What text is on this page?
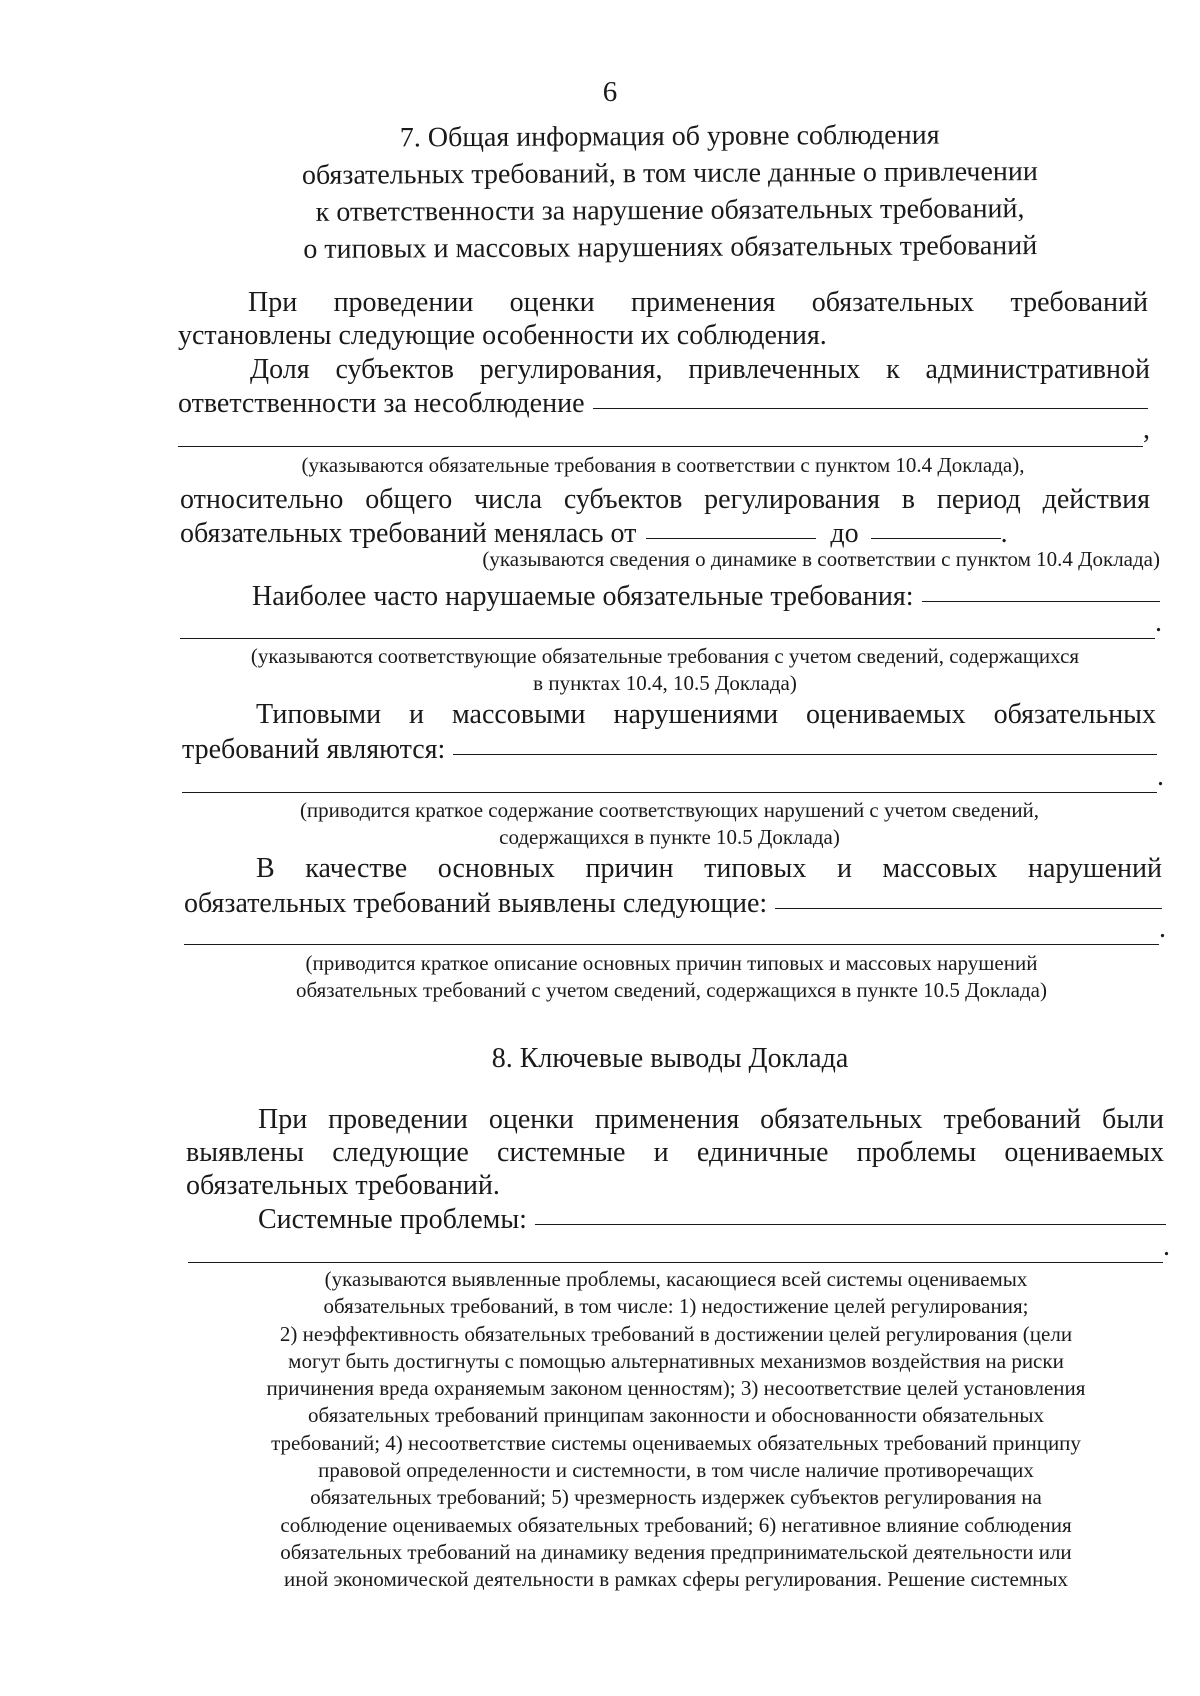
6
7. Общая информация об уровне соблюдения
обязательных требований, в том числе данные о привлечении
к ответственности за нарушение обязательных требований,
о типовых и массовых нарушениях обязательных требований
При проведении оценки применения обязательных требований
установлены следующие особенности их соблюдения.
Доля субъектов регулирования, привлеченных к административной
ответственности за несоблюдение
,
(указываются обязательные требования в соответствии с пунктом 10.4 Доклада),
относительно общего числа субъектов регулирования в период действия
обязательных требований менялась от	до	.
(указываются сведения о динамике в соответствии с пунктом 10.4 Доклада)
Наиболее часто нарушаемые обязательные требования:
.
(указываются соответствующие обязательные требования с учетом сведений, содержащихся
в пунктах 10.4, 10.5 Доклада)
Типовыми и массовыми нарушениями оцениваемых обязательных
требований являются:
.
(приводится краткое содержание соответствующих нарушений с учетом сведений,
содержащихся в пункте 10.5 Доклада)
В качестве основных причин типовых и массовых нарушений
обязательных требований выявлены следующие:
.
(приводится краткое описание основных причин типовых и массовых нарушений
обязательных требований с учетом сведений, содержащихся в пункте 10.5 Доклада)
8. Ключевые выводы Доклада
При проведении оценки применения обязательных требований были
выявлены следующие системные и единичные проблемы оцениваемых
обязательных требований.
Системные проблемы:
.
(указываются выявленные проблемы, касающиеся всей системы оцениваемых
обязательных требований, в том числе: 1) недостижение целей регулирования;
2) неэффективность обязательных требований в достижении целей регулирования (цели
могут быть достигнуты с помощью альтернативных механизмов воздействия на риски
причинения вреда охраняемым законом ценностям); 3) несоответствие целей установления
обязательных требований принципам законности и обоснованности обязательных
требований; 4) несоответствие системы оцениваемых обязательных требований принципу
правовой определенности и системности, в том числе наличие противоречащих
обязательных требований; 5) чрезмерность издержек субъектов регулирования на
соблюдение оцениваемых обязательных требований; 6) негативное влияние соблюдения
обязательных требований на динамику ведения предпринимательской деятельности или
иной экономической деятельности в рамках сферы регулирования. Решение системных
